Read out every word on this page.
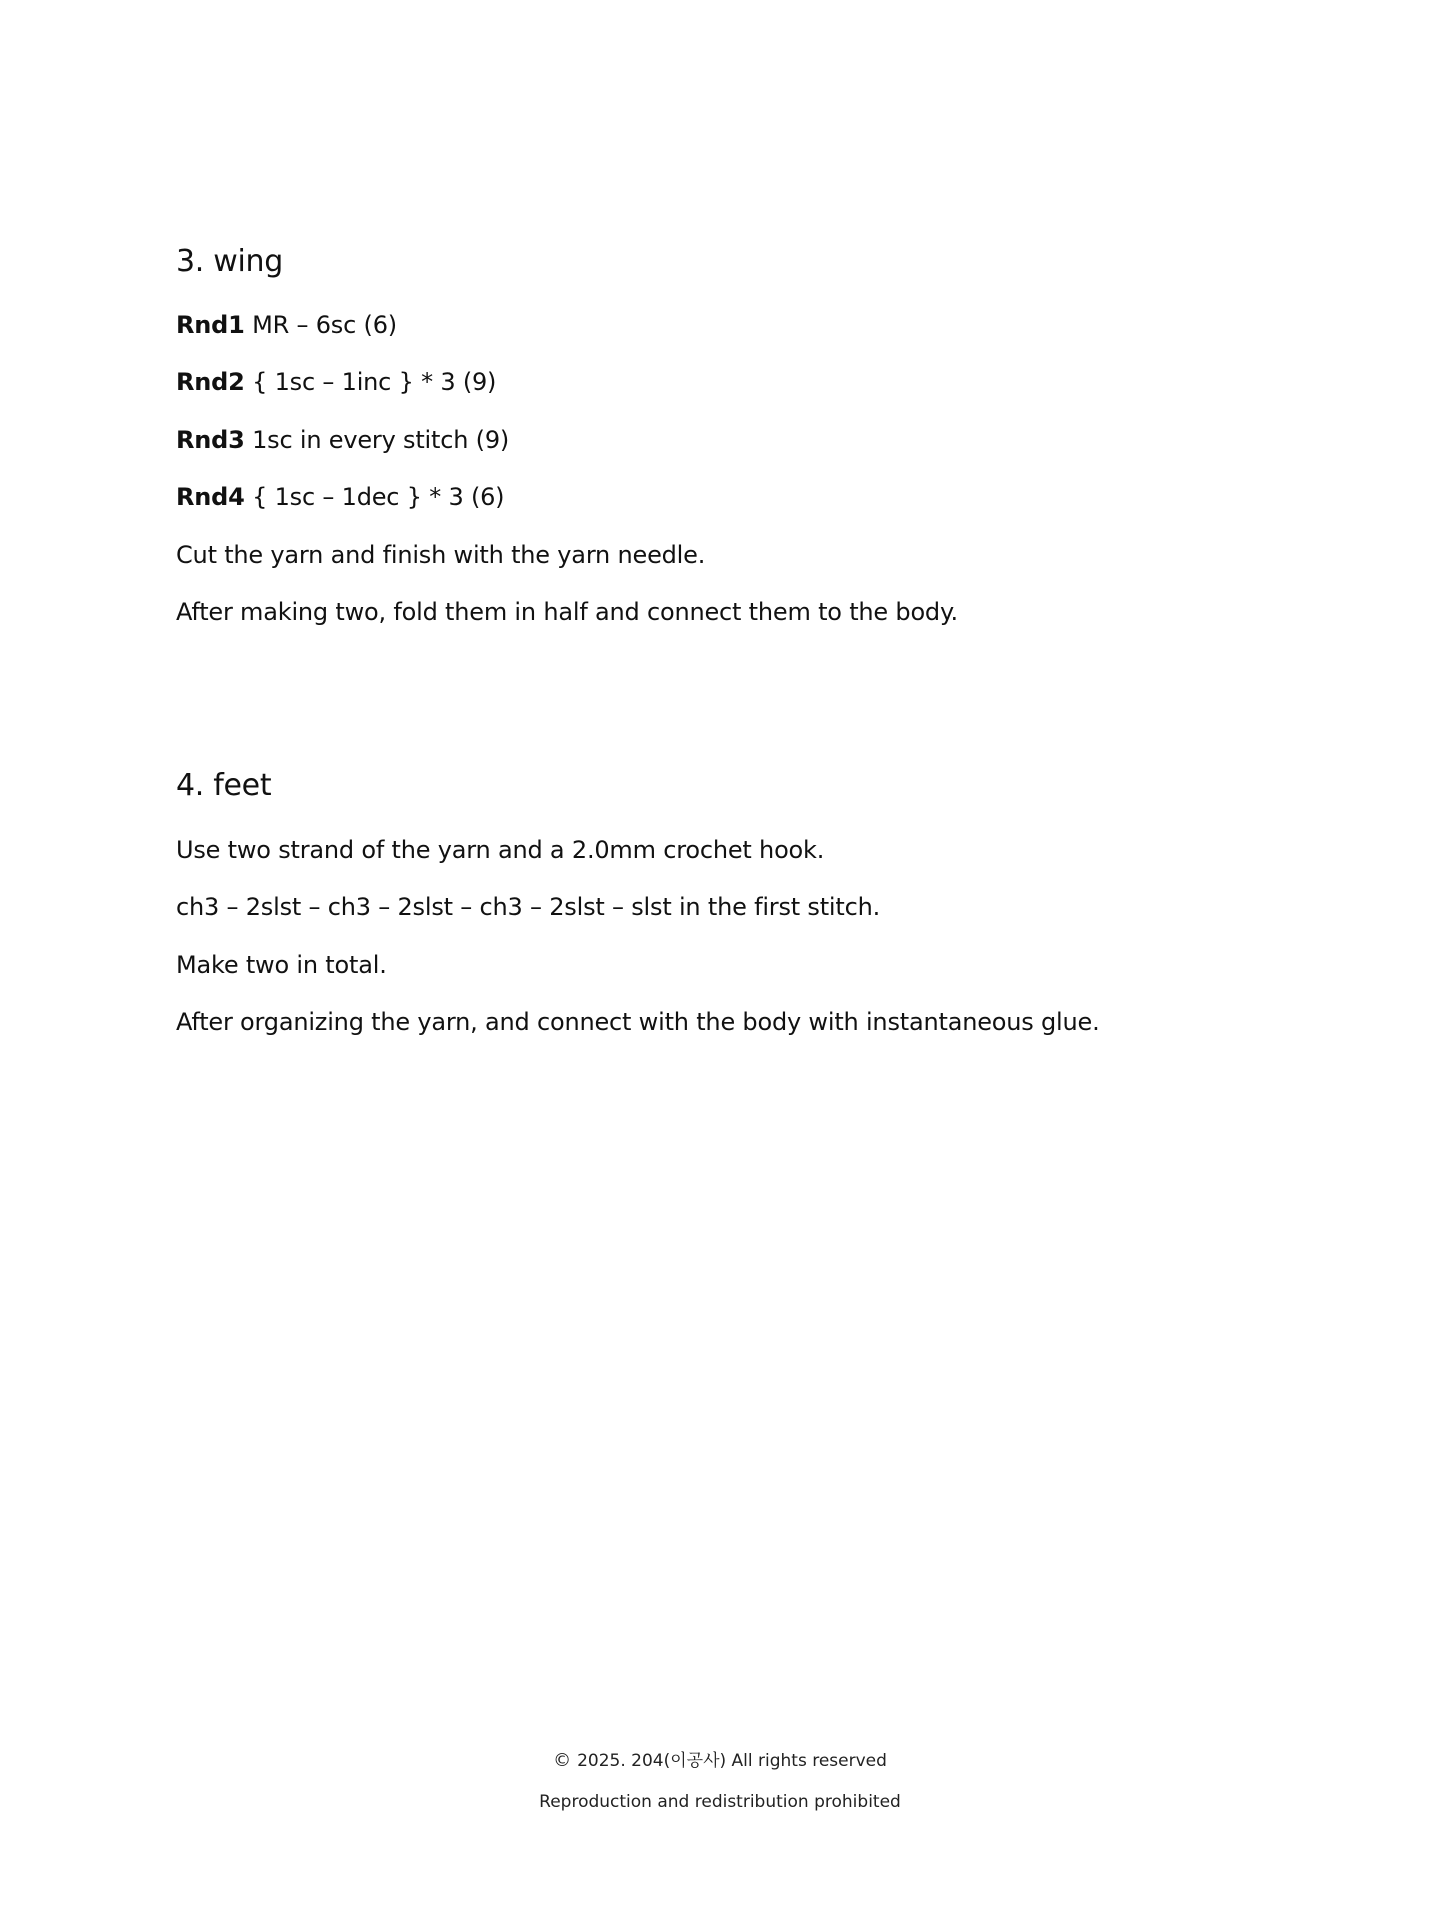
3. wing
Rnd1 MR – 6sc (6)
Rnd2 { 1sc – 1inc } * 3 (9)
Rnd3 1sc in every stitch (9)
Rnd4 { 1sc – 1dec } * 3 (6)
Cut the yarn and finish with the yarn needle.
After making two, fold them in half and connect them to the body.
4. feet
Use two strand of the yarn and a 2.0mm crochet hook.
ch3 – 2slst – ch3 – 2slst – ch3 – 2slst – slst in the first stitch.
Make two in total.
After organizing the yarn, and connect with the body with instantaneous glue.
© 2025. 204(이공사) All rights reserved
Reproduction and redistribution prohibited
